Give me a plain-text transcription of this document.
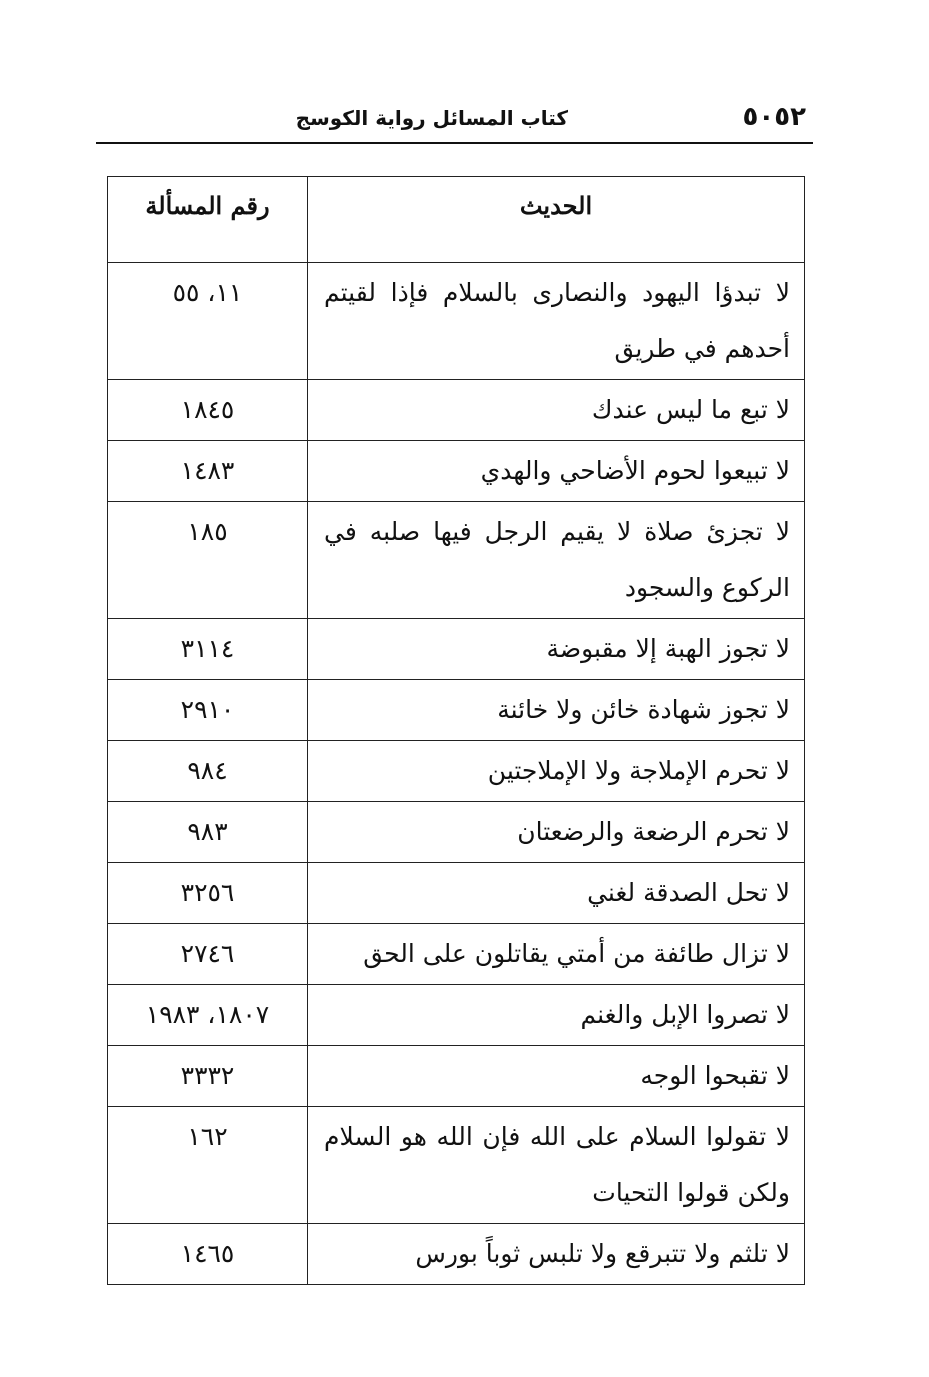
٥٠٥٢
كتاب المسائل رواية الكوسج
الحديث	رقم المسألة
لا تبدؤا اليهود والنصارى بالسلام فإذا لقيتم أحدهم في طريق	١١، ٥٥
لا تبع ما ليس عندك	١٨٤٥
لا تبيعوا لحوم الأضاحي والهدي	١٤٨٣
لا تجزئ صلاة لا يقيم الرجل فيها صلبه في الركوع والسجود	١٨٥
لا تجوز الهبة إلا مقبوضة	٣١١٤
لا تجوز شهادة خائن ولا خائنة	٢٩١٠
لا تحرم الإملاجة ولا الإملاجتين	٩٨٤
لا تحرم الرضعة والرضعتان	٩٨٣
لا تحل الصدقة لغني	٣٢٥٦
لا تزال طائفة من أمتي يقاتلون على الحق	٢٧٤٦
لا تصروا الإبل والغنم	١٨٠٧، ١٩٨٣
لا تقبحوا الوجه	٣٣٣٢
لا تقولوا السلام على الله فإن الله هو السلام ولكن قولوا التحيات	١٦٢
لا تلثم ولا تتبرقع ولا تلبس ثوباً بورس	١٤٦٥
